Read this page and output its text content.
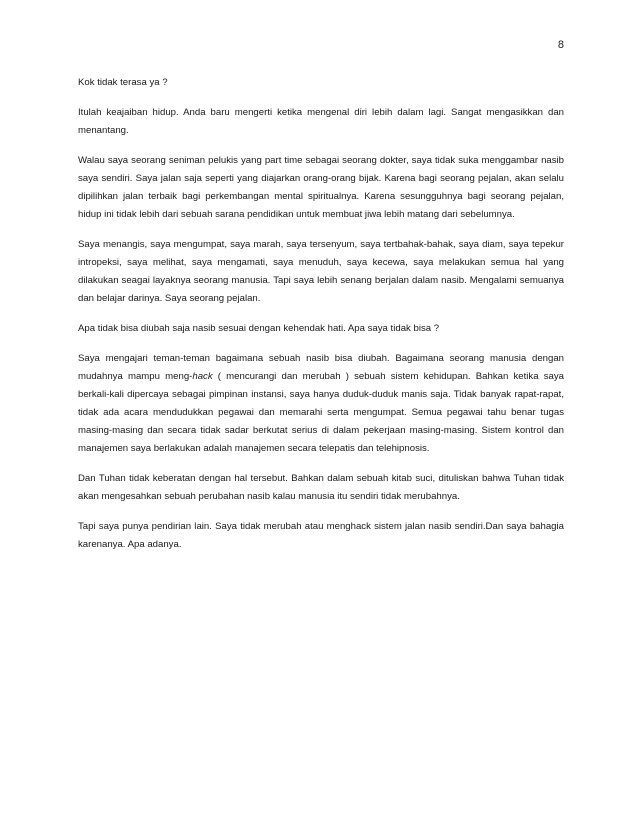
8

Kok tidak terasa ya ?

Itulah keajaiban hidup. Anda baru mengerti ketika mengenal diri lebih dalam lagi. Sangat mengasikkan dan menantang.

Walau saya seorang seniman pelukis yang part time sebagai seorang dokter, saya tidak suka menggambar nasib saya sendiri. Saya jalan saja seperti yang diajarkan orang-orang bijak. Karena bagi seorang pejalan, akan selalu dipilihkan jalan terbaik bagi perkembangan mental spiritualnya. Karena sesungguhnya bagi seorang pejalan, hidup ini tidak lebih dari sebuah sarana pendidikan untuk membuat jiwa lebih matang dari sebelumnya.

Saya menangis, saya mengumpat, saya marah, saya tersenyum, saya tertbahak-bahak, saya diam, saya tepekur intropeksi, saya melihat, saya mengamati, saya menuduh, saya kecewa, saya melakukan semua hal yang dilakukan seagai layaknya seorang manusia. Tapi saya lebih senang berjalan dalam nasib. Mengalami semuanya dan belajar darinya. Saya seorang pejalan.

Apa tidak bisa diubah saja nasib sesuai dengan kehendak hati. Apa saya tidak bisa ?

Saya mengajari teman-teman bagaimana sebuah nasib bisa diubah. Bagaimana seorang manusia dengan mudahnya mampu meng-hack ( mencurangi dan merubah ) sebuah sistem kehidupan. Bahkan ketika saya berkali-kali dipercaya sebagai pimpinan instansi, saya hanya duduk-duduk manis saja. Tidak banyak rapat-rapat, tidak ada acara mendudukkan pegawai dan memarahi serta mengumpat. Semua pegawai tahu benar tugas masing-masing dan secara tidak sadar berkutat serius di dalam pekerjaan masing-masing. Sistem kontrol dan manajemen saya berlakukan adalah manajemen secara telepatis dan telehipnosis.

Dan Tuhan tidak keberatan dengan hal tersebut. Bahkan dalam sebuah kitab suci, dituliskan bahwa Tuhan tidak akan mengesahkan sebuah perubahan nasib kalau manusia itu sendiri tidak merubahnya.

Tapi saya punya pendirian lain. Saya tidak merubah atau menghack sistem jalan nasib sendiri.Dan saya bahagia karenanya. Apa adanya.
